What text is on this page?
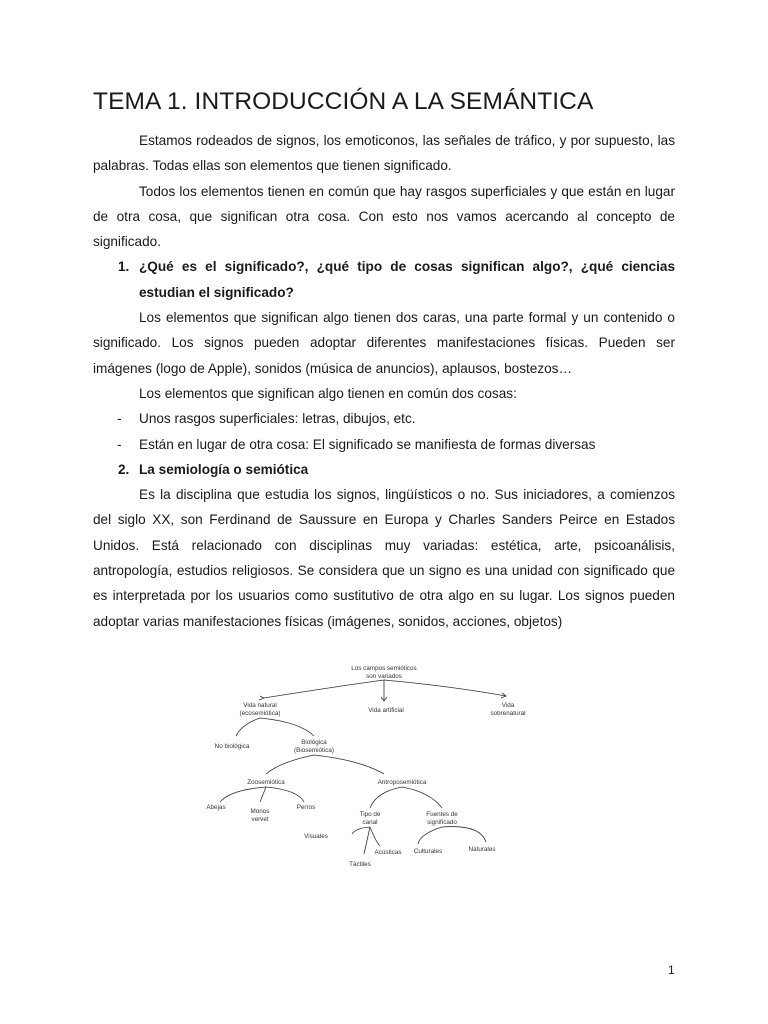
TEMA 1. INTRODUCCIÓN A LA SEMÁNTICA

Estamos rodeados de signos, los emoticonos, las señales de tráfico, y por supuesto, las palabras. Todas ellas son elementos que tienen significado.

Todos los elementos tienen en común que hay rasgos superficiales y que están en lugar de otra cosa, que significan otra cosa. Con esto nos vamos acercando al concepto de significado.

1. ¿Qué es el significado?, ¿qué tipo de cosas significan algo?, ¿qué ciencias estudian el significado?

Los elementos que significan algo tienen dos caras, una parte formal y un contenido o significado. Los signos pueden adoptar diferentes manifestaciones físicas. Pueden ser imágenes (logo de Apple), sonidos (música de anuncios), aplausos, bostezos…

Los elementos que significan algo tienen en común dos cosas:

- Unos rasgos superficiales: letras, dibujos, etc.

- Están en lugar de otra cosa: El significado se manifiesta de formas diversas

2. La semiología o semiótica

Es la disciplina que estudia los signos, lingüísticos o no. Sus iniciadores, a comienzos del siglo XX, son Ferdinand de Saussure en Europa y Charles Sanders Peirce en Estados Unidos. Está relacionado con disciplinas muy variadas: estética, arte, psicoanálisis, antropología, estudios religiosos. Se considera que un signo es una unidad con significado que es interpretada por los usuarios como sustitutivo de otra algo en su lugar. Los signos pueden adoptar varias manifestaciones físicas (imágenes, sonidos, acciones, objetos)

Los campos semióticos
son variados
Vida natural
(ecosemiótica)	Vida artificial
Vida
sobrenatural
No biológica
Biológica
(Biosemiótica)
Zoosemiótica	Antroposemiótica
Abejas
Monos
vervet
Perros
Tipo de
canal
Fuentes de
significado
Visuales
Acústicas
Táctiles
Culturales	Naturales
1
